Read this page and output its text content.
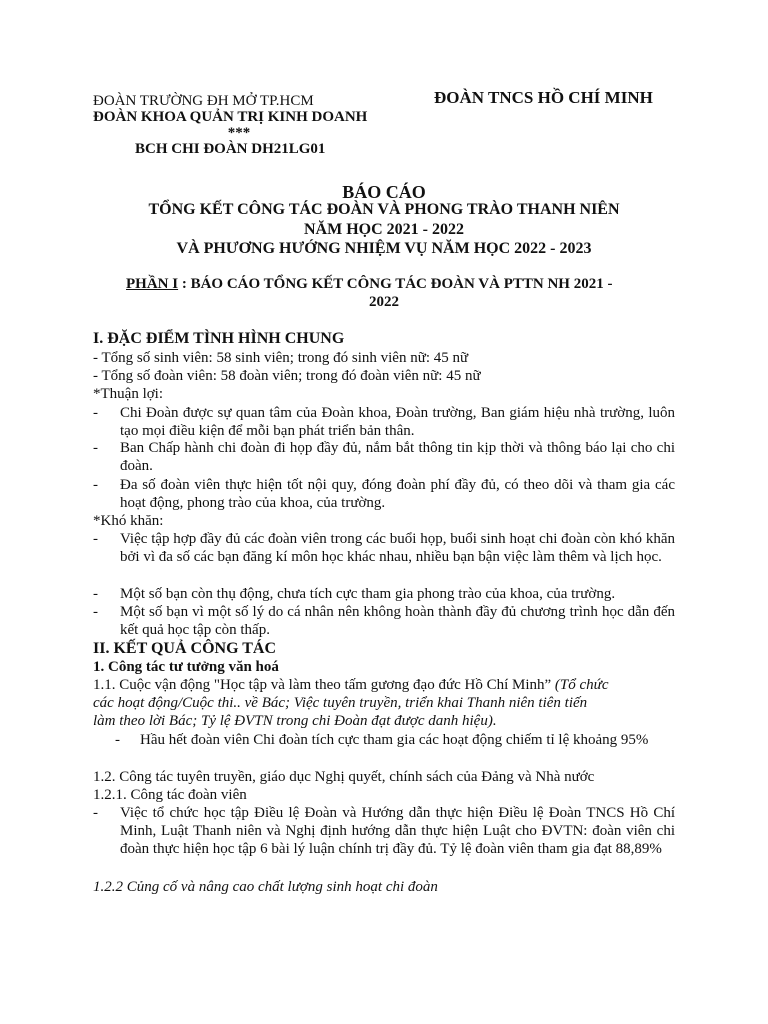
ĐOÀN TRƯỜNG ĐH MỞ TP.HCM	ĐOÀN TNCS HỒ CHÍ MINH
ĐOÀN KHOA QUẢN TRỊ KINH DOANH
***
BCH CHI ĐOÀN DH21LG01
BÁO CÁO
TỔNG KẾT CÔNG TÁC ĐOÀN VÀ PHONG TRÀO THANH NIÊN
NĂM HỌC 2021 - 2022
VÀ PHƯƠNG HƯỚNG NHIỆM VỤ NĂM HỌC 2022 - 2023
PHẦN I : BÁO CÁO TỔNG KẾT CÔNG TÁC ĐOÀN VÀ PTTN NH 2021 -
2022
I. ĐẶC ĐIỂM TÌNH HÌNH CHUNG
- Tổng số sinh viên: 58 sinh viên; trong đó sinh viên nữ: 45 nữ
- Tổng số đoàn viên: 58 đoàn viên; trong đó đoàn viên nữ: 45 nữ
*Thuận lợi:
- Chi Đoàn được sự quan tâm của Đoàn khoa, Đoàn trường, Ban giám hiệu nhà trường, luôn tạo mọi điều kiện để mỗi bạn phát triển bản thân.
- Ban Chấp hành chi đoàn đi họp đầy đủ, nắm bắt thông tin kịp thời và thông báo lại cho chi đoàn.
- Đa số đoàn viên thực hiện tốt nội quy, đóng đoàn phí đầy đủ, có theo dõi và tham gia các hoạt động, phong trào của khoa, của trường.
*Khó khăn:
- Việc tập hợp đầy đủ các đoàn viên trong các buổi họp, buổi sinh hoạt chi đoàn còn khó khăn bởi vì đa số các bạn đăng kí môn học khác nhau, nhiều bạn bận việc làm thêm và lịch học.
- Một số bạn còn thụ động, chưa tích cực tham gia phong trào của khoa, của trường.
- Một số bạn vì một số lý do cá nhân nên không hoàn thành đầy đủ chương trình học dẫn đến kết quả học tập còn thấp.
II. KẾT QUẢ CÔNG TÁC
1. Công tác tư tưởng văn hoá
1.1. Cuộc vận động "Học tập và làm theo tấm gương đạo đức Hồ Chí Minh” (Tổ chức
các hoạt động/Cuộc thi.. về Bác; Việc tuyên truyền, triển khai Thanh niên tiên tiến
làm theo lời Bác; Tỷ lệ ĐVTN trong chi Đoàn đạt được danh hiệu).
- Hầu hết đoàn viên Chi đoàn tích cực tham gia các hoạt động chiếm tỉ lệ khoảng 95%
1.2. Công tác tuyên truyền, giáo dục Nghị quyết, chính sách của Đảng và Nhà nước
1.2.1. Công tác đoàn viên
- Việc tổ chức học tập Điều lệ Đoàn và Hướng dẫn thực hiện Điều lệ Đoàn TNCS Hồ Chí Minh, Luật Thanh niên và Nghị định hướng dẫn thực hiện Luật cho ĐVTN: đoàn viên chi đoàn thực hiện học tập 6 bài lý luận chính trị đầy đủ. Tỷ lệ đoàn viên tham gia đạt 88,89%
1.2.2 Củng cố và nâng cao chất lượng sinh hoạt chi đoàn
